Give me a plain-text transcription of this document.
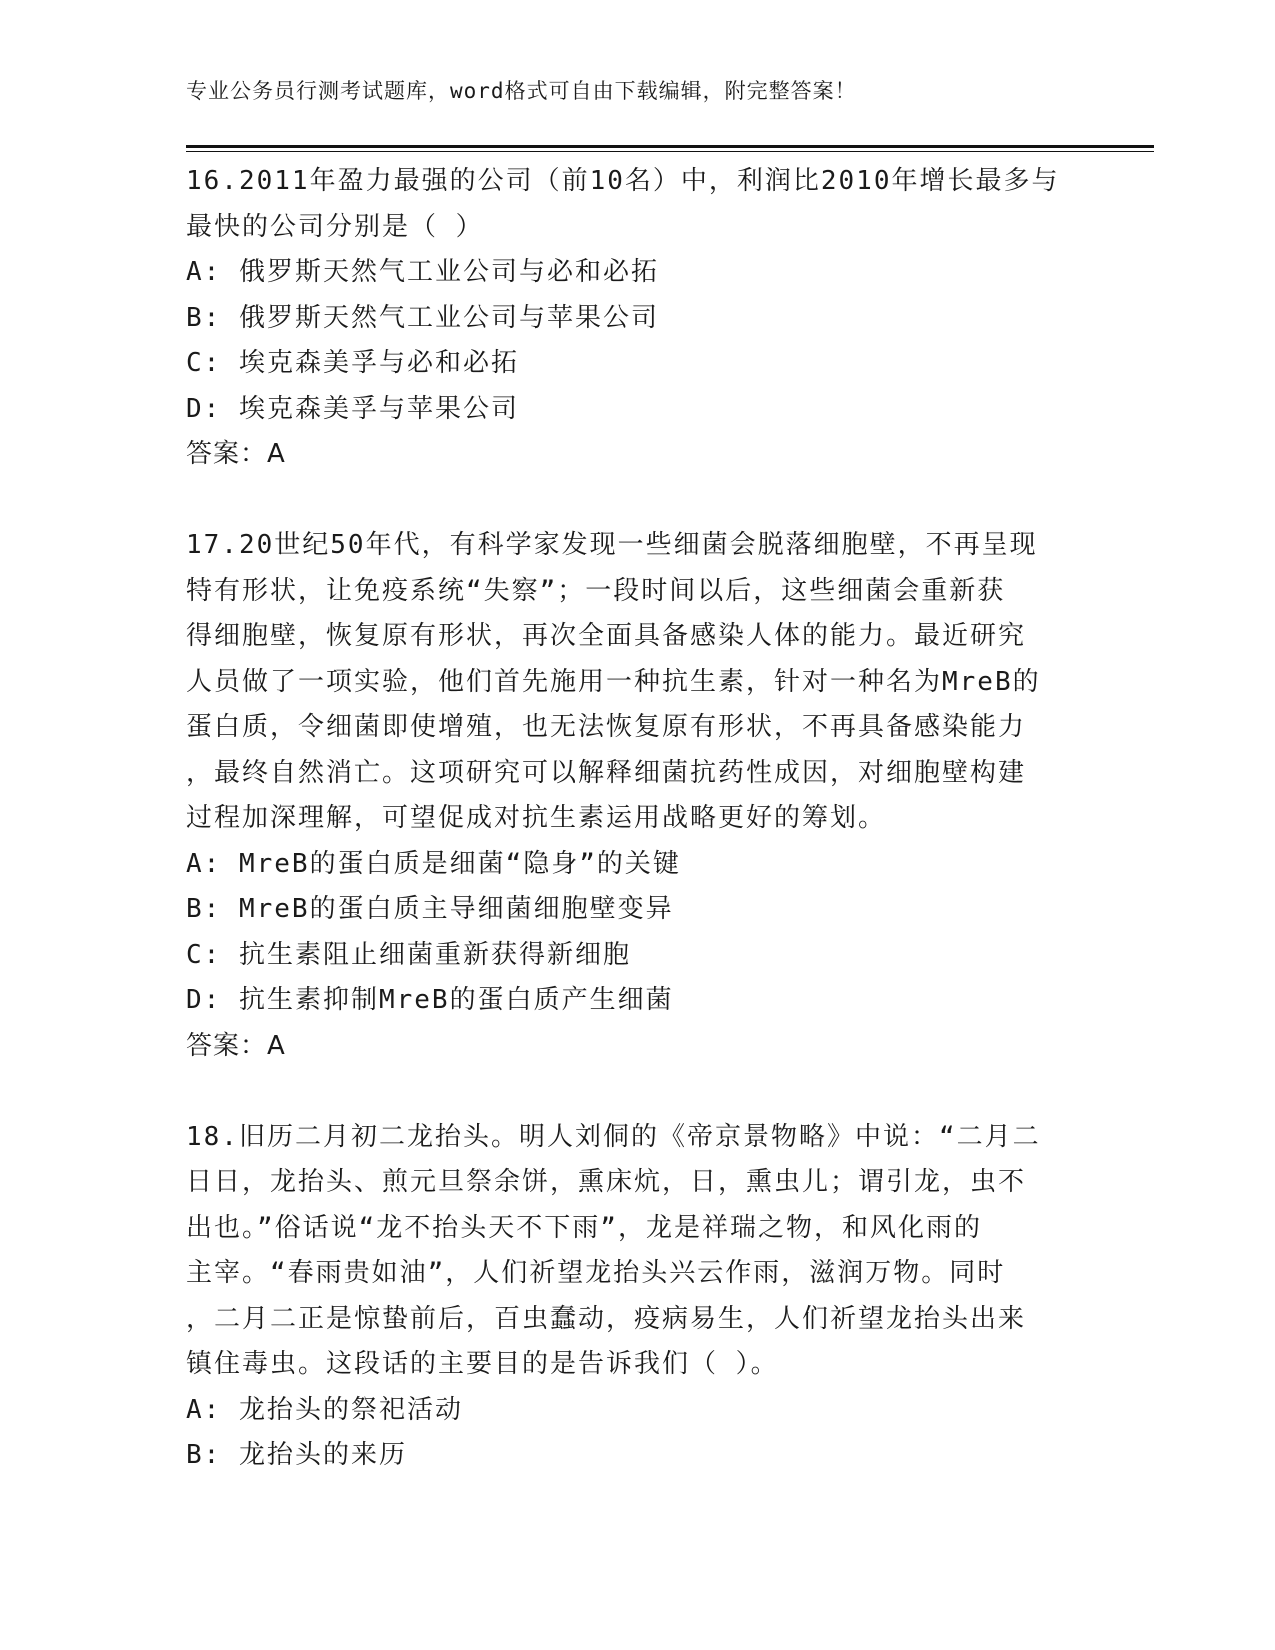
专业公务员行测考试题库，word格式可自由下载编辑，附完整答案！
16.2011年盈力最强的公司（前10名）中，利润比2010年增长最多与
最快的公司分别是（ ）
A: 俄罗斯天然气工业公司与必和必拓
B: 俄罗斯天然气工业公司与苹果公司
C: 埃克森美孚与必和必拓
D: 埃克森美孚与苹果公司
答案：A
17.20世纪50年代，有科学家发现一些细菌会脱落细胞壁，不再呈现
特有形状，让免疫系统“失察”；一段时间以后，这些细菌会重新获
得细胞壁，恢复原有形状，再次全面具备感染人体的能力。最近研究
人员做了一项实验，他们首先施用一种抗生素，针对一种名为MreB的
蛋白质，令细菌即使增殖，也无法恢复原有形状，不再具备感染能力
，最终自然消亡。这项研究可以解释细菌抗药性成因，对细胞壁构建
过程加深理解，可望促成对抗生素运用战略更好的筹划。
A: MreB的蛋白质是细菌“隐身”的关键
B: MreB的蛋白质主导细菌细胞壁变异
C: 抗生素阻止细菌重新获得新细胞
D: 抗生素抑制MreB的蛋白质产生细菌
答案：A
18.旧历二月初二龙抬头。明人刘侗的《帝京景物略》中说：“二月二
日日，龙抬头、煎元旦祭余饼，熏床炕，日，熏虫儿；谓引龙，虫不
出也。”俗话说“龙不抬头天不下雨”，龙是祥瑞之物，和风化雨的
主宰。“春雨贵如油”，人们祈望龙抬头兴云作雨，滋润万物。同时
，二月二正是惊蛰前后，百虫蠢动，疫病易生，人们祈望龙抬头出来
镇住毒虫。这段话的主要目的是告诉我们（ ）。
A: 龙抬头的祭祀活动
B: 龙抬头的来历
